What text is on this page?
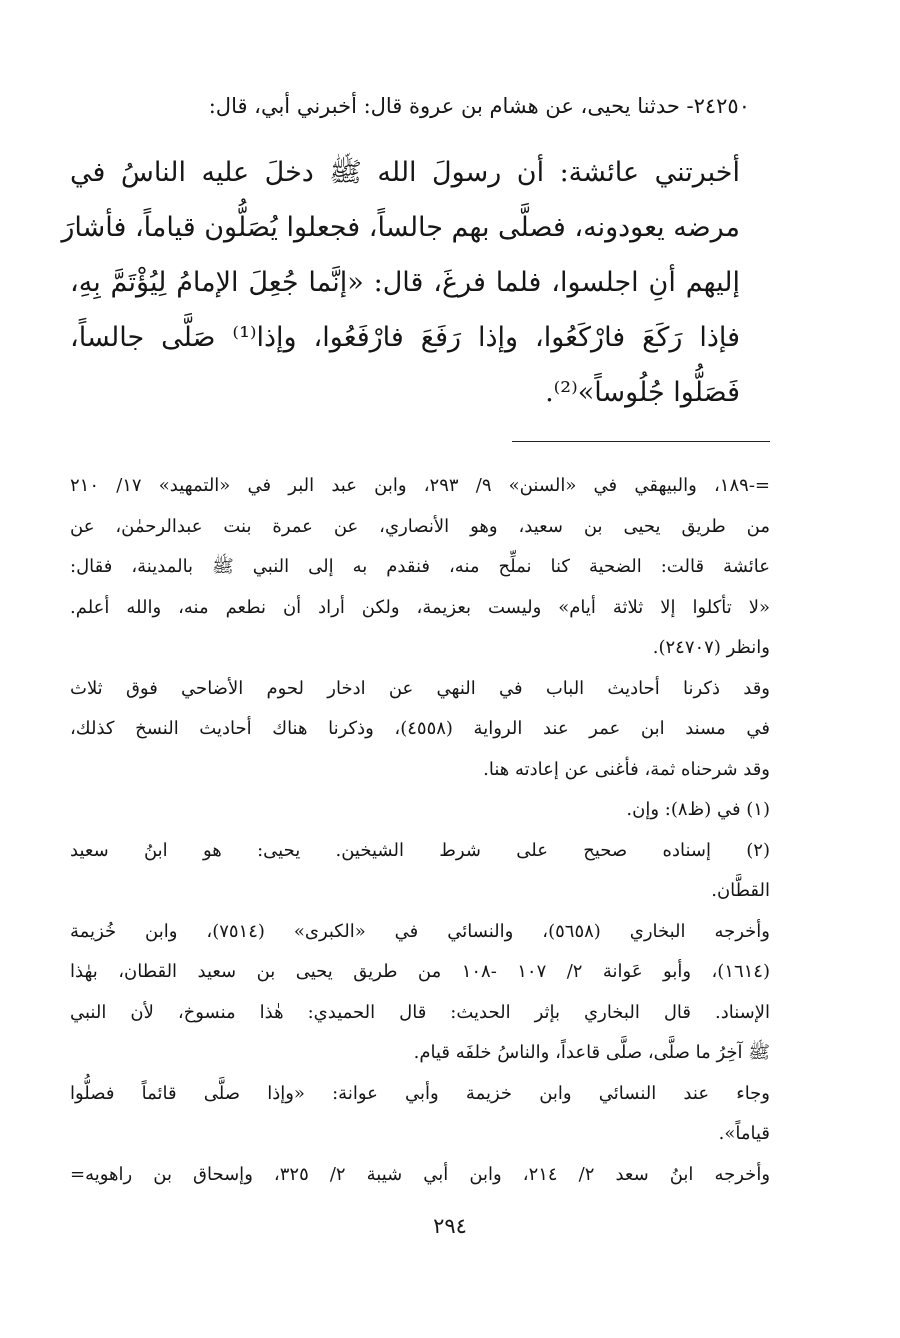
٢٤٢٥٠- حدثنا يحيى، عن هشام بن عروة قال: أخبرني أبي، قال:
أخبرتني عائشة: أن رسولَ الله ﷺ دخلَ عليه الناسُ في
مرضه يعودونه، فصلَّى بهم جالساً، فجعلوا يُصَلُّون قياماً، فأشارَ
إليهم أنِ اجلسوا، فلما فرغَ، قال: «إنَّما جُعِلَ الإمامُ لِيُؤْتَمَّ بِهِ،
فإذا رَكَعَ فارْكَعُوا، وإذا رَفَعَ فارْفَعُوا، وإذا⁽¹⁾ صَلَّى جالساً،
فَصَلُّوا جُلُوساً»⁽²⁾.

=-١٨٩، والبيهقي في «السنن» ٩/ ٢٩٣، وابن عبد البر في «التمهيد» ١٧/ ٢١٠
من طريق يحيى بن سعيد، وهو الأنصاري، عن عمرة بنت عبدالرحمٰن، عن
عائشة قالت: الضحية كنا نملِّح منه، فنقدم به إلى النبي ﷺ بالمدينة، فقال:
«لا تأكلوا إلا ثلاثة أيام» وليست بعزيمة، ولكن أراد أن نطعم منه، والله أعلم.
وانظر (٢٤٧٠٧).

وقد ذكرنا أحاديث الباب في النهي عن ادخار لحوم الأضاحي فوق ثلاث
في مسند ابن عمر عند الرواية (٤٥٥٨)، وذكرنا هناك أحاديث النسخ كذلك،
وقد شرحناه ثمة، فأغنى عن إعادته هنا.

(١) في (ظ٨): وإن.

(٢) إسناده صحيح على شرط الشيخين. يحيى: هو ابنُ سعيد
القطَّان.

وأخرجه البخاري (٥٦٥٨)، والنسائي في «الكبرى» (٧٥١٤)، وابن خُزيمة
(١٦١٤)، وأبو عَوانة ٢/ ١٠٧ -١٠٨ من طريق يحيى بن سعيد القطان، بهٰذا
الإسناد. قال البخاري بإثر الحديث: قال الحميدي: هٰذا منسوخ، لأن النبي
ﷺ آخِرُ ما صلَّى، صلَّى قاعداً، والناسُ خلفَه قيام.

وجاء عند النسائي وابن خزيمة وأبي عوانة: «وإذا صلَّى قائماً فصلُّوا
قياماً».

وأخرجه ابنُ سعد ٢/ ٢١٤، وابن أبي شيبة ٢/ ٣٢٥، وإسحاق بن راهويه=

٢٩٤
